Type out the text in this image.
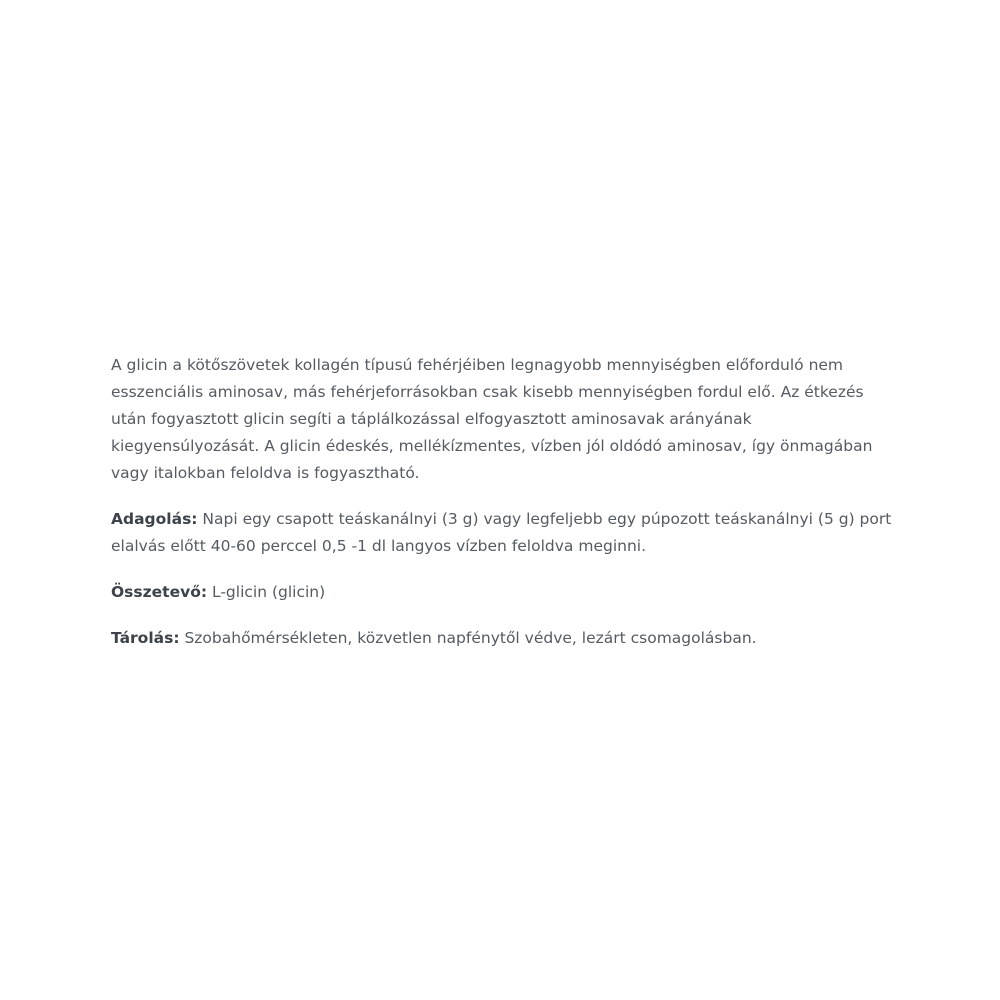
A glicin a kötőszövetek kollagén típusú fehérjéiben legnagyobb mennyiségben előforduló nem esszenciális aminosav, más fehérjeforrásokban csak kisebb mennyiségben fordul elő. Az étkezés után fogyasztott glicin segíti a táplálkozással elfogyasztott aminosavak arányának kiegyensúlyozását. A glicin édeskés, mellékízmentes, vízben jól oldódó aminosav, így önmagában vagy italokban feloldva is fogyasztható.

Adagolás: Napi egy csapott teáskanálnyi (3 g) vagy legfeljebb egy púpozott teáskanálnyi (5 g) port elalvás előtt 40-60 perccel 0,5 -1 dl langyos vízben feloldva meginni.

Összetevő: L-glicin (glicin)

Tárolás: Szobahőmérsékleten, közvetlen napfénytől védve, lezárt csomagolásban.
